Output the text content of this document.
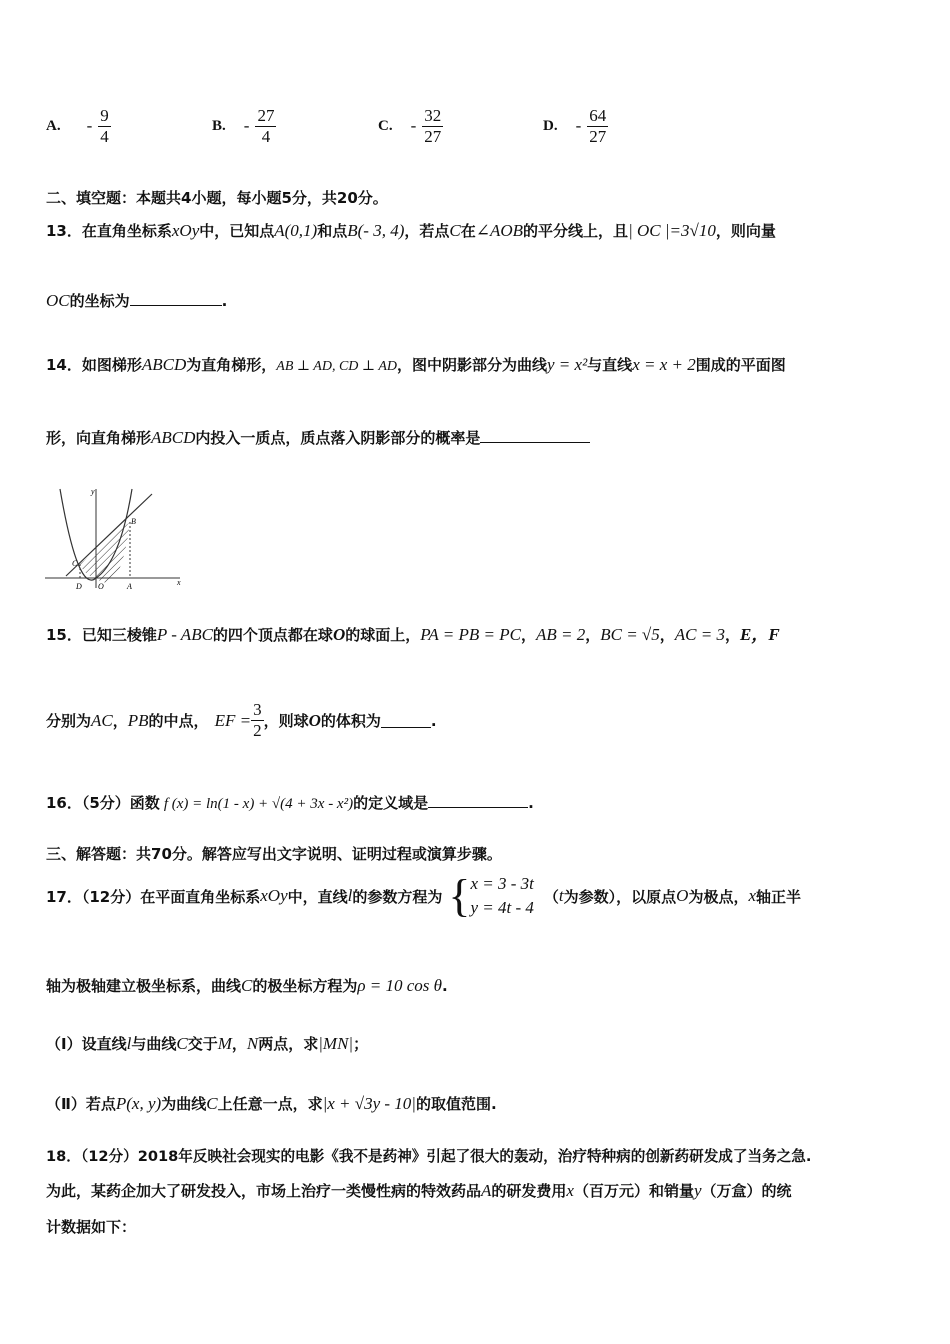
A. - $\frac{9}{4}$	B. - $\frac{27}{4}$	C. - $\frac{32}{27}$	D. - $\frac{64}{27}$
二、填空题：本题共4小题，每小题5分，共20分。
13．在直角坐标系xOy中，已知点A(0,1)和点B(- 3, 4)，若点C在∠AOB的平分线上，且| OC |=3√10，则向量
OC的坐标为	.
14．如图梯形ABCD为直角梯形，AB ⊥ AD, CD ⊥ AD，图中阴影部分为曲线y = x²与直线x = x + 2围成的平面图
形，向直角梯形ABCD内投入一质点，质点落入阴影部分的概率是
y
x
B
C
D O	A
15．已知三棱锥P - ABC的四个顶点都在球O的球面上，PA = PB = PC，AB = 2，BC = √5，AC = 3，E，F
分别为 AC ， PB 的中点， EF = $\frac{3}{2}$ ，则球 O 的体积为	.
16．（5分）函数 f (x) = ln(1 - x) + √(4 + 3x - x²)的定义域是	.
三、解答题：共70分。解答应写出文字说明、证明过程或演算步骤。
17．（12分）在平面直角坐标系 xOy 中，直线 l 的参数方程为 { x = 3 - 3t
y = 4t - 4
（ t 为参数），以原点 O 为极点， x 轴正半
轴为极轴建立极坐标系，曲线C的极坐标方程为ρ = 10 cos θ.
（Ⅰ）设直线l与曲线C交于M，N两点，求|MN|；
（Ⅱ）若点P(x, y)为曲线C上任意一点，求|x + √3y - 10|的取值范围.
18．（12分）2018年反映社会现实的电影《我不是药神》引起了很大的轰动，治疗特种病的创新药研发成了当务之急.
为此，某药企加大了研发投入，市场上治疗一类慢性病的特效药品A的研发费用x（百万元）和销量y（万盒）的统
计数据如下：
